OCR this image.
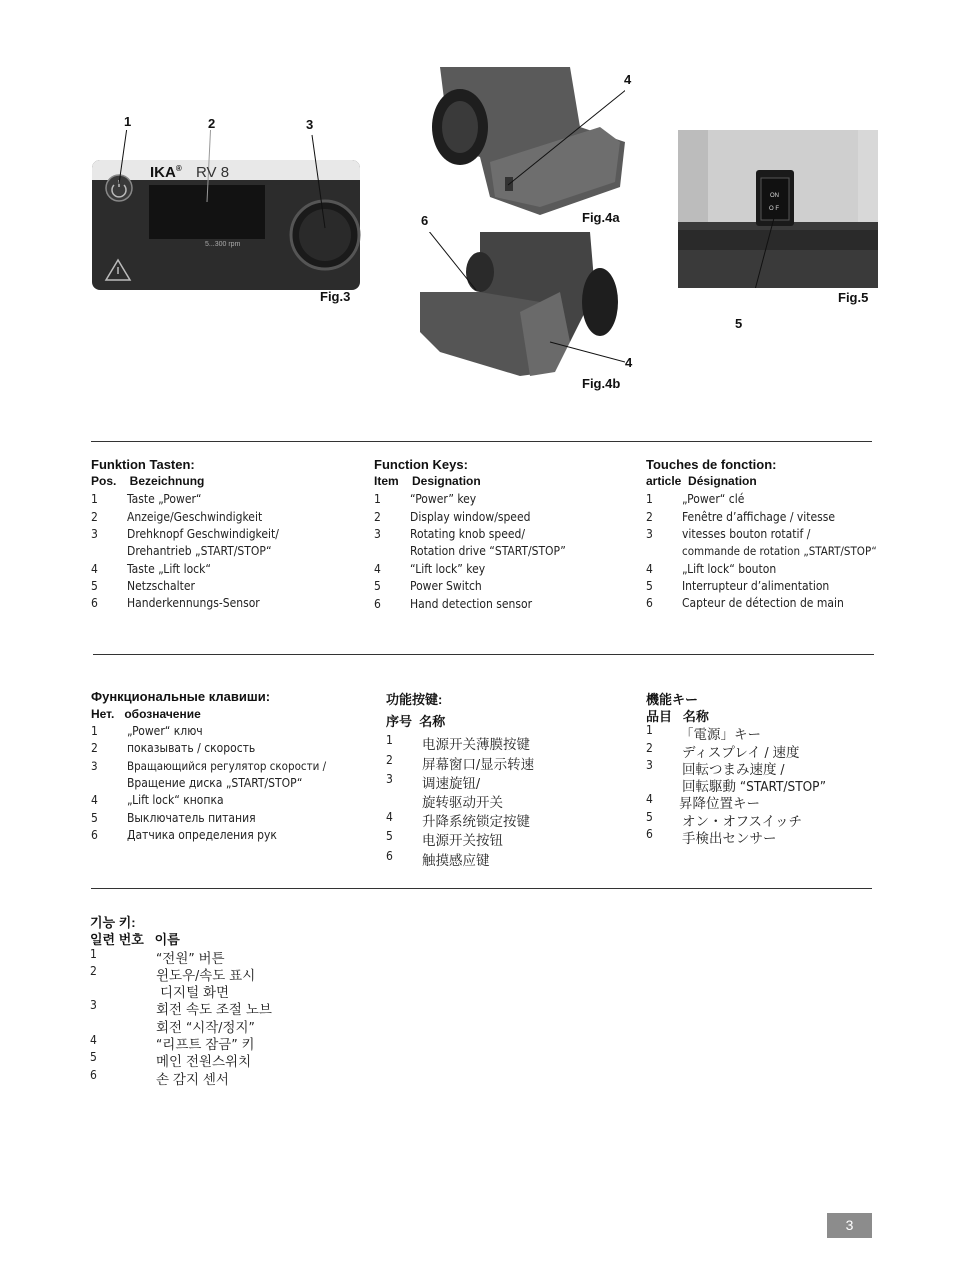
1	2	3
IKA® RV 8
5...300 rpm
Fig.3
4
Fig.4a
6
4
Fig.4b
ON
O F
5
Fig.5
Funktion Tasten:
Pos.    Bezeichnung
1 Taste „Power“
2 Anzeige/Geschwindigkeit
3 Drehknopf Geschwindigkeit/
Drehantrieb „START/STOP“
4 Taste „Lift lock“
5 Netzschalter
6 Handerkennungs-Sensor
Function Keys:
Item    Designation
1 “Power” key
2 Display window/speed
3 Rotating knob speed/
Rotation drive “START/STOP”
4 “Lift lock” key
5 Power Switch
6 Hand detection sensor
Touches de fonction:
article  Désignation
1 „Power“ clé
2 Fenêtre d’affichage / vitesse
3 vitesses bouton rotatif /
commande de rotation „START/STOP“
4 „Lift lock“ bouton
5 Interrupteur d’alimentation
6 Capteur de détection de main
Функциональные клавиши:
Нет.   обозначение
1 „Power“ ключ
2 показывать / скорость
3	Вращающийся регулятор скорости /
Вращение диска „START/STOP“
4 „Lift lock“ кнопка
5 Выключатель питания
6 Датчика определения рук
功能按键:
序号  名称
1 电源开关薄膜按键
2 屏幕窗口/显示转速
3 调速旋钮/
旋转驱动开关
4 升降系统锁定按键
5 电源开关按钮
6 触摸感应键
機能キー
品目   名称
1 「電源」キー
2 ディスプレイ / 速度
3 回転つまみ速度 /
回転駆動 “START/STOP”
4 昇降位置キー
5 オン・オフスイッチ
6 手検出センサー
기능 키:
일련 번호   이름
1	“전원” 버튼
2	윈도우/속도 표시
디지털 화면
3	회전 속도 조절 노브
회전 “시작/정지”
4	“리프트 잠금” 키
5	메인 전원스위치
6	손 감지 센서
3
